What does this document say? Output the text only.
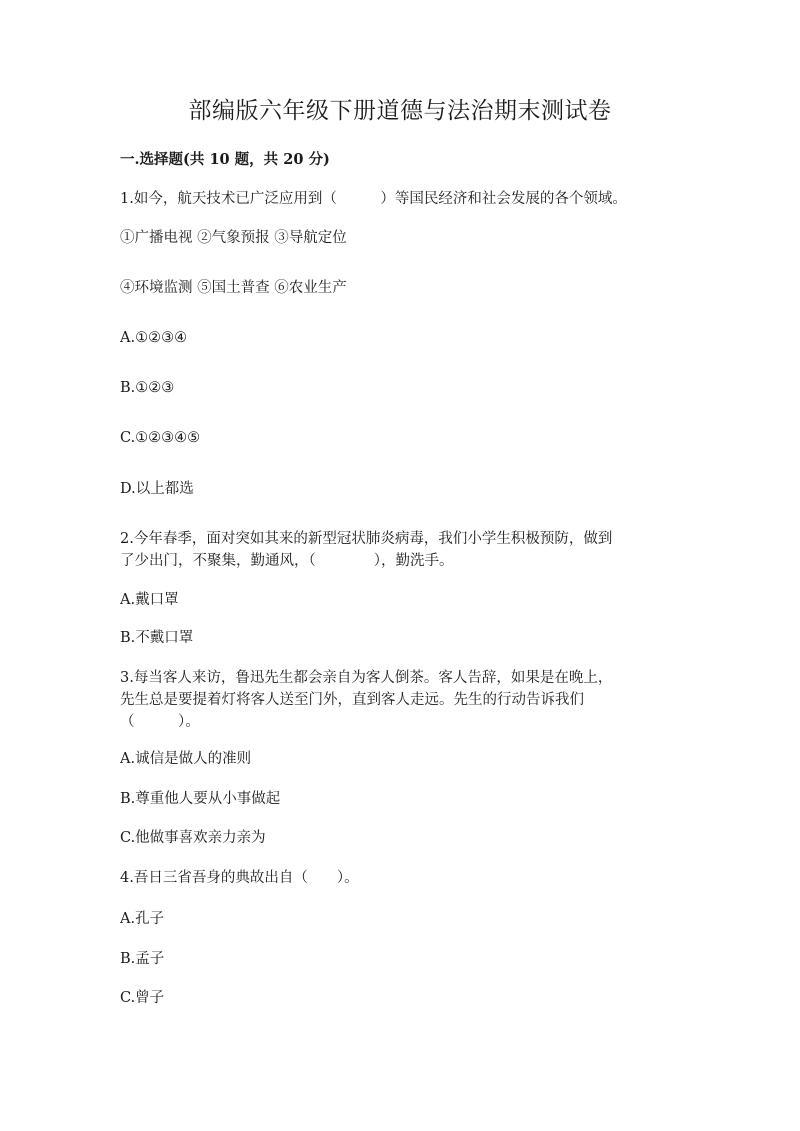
部编版六年级下册道德与法治期末测试卷
一.选择题(共 10 题，共 20 分)

1.如今，航天技术已广泛应用到（　　　）等国民经济和社会发展的各个领域。

①广播电视 ②气象预报 ③导航定位

④环境监测 ⑤国土普查 ⑥农业生产

A.①②③④

B.①②③

C.①②③④⑤

D.以上都选

2.今年春季，面对突如其来的新型冠状肺炎病毒，我们小学生积极预防，做到

了少出门，不聚集，勤通风，（　　　　），勤洗手。

A.戴口罩

B.不戴口罩

3.每当客人来访，鲁迅先生都会亲自为客人倒茶。客人告辞，如果是在晚上，

先生总是要提着灯将客人送至门外，直到客人走远。先生的行动告诉我们

（　　　）。

A.诚信是做人的准则

B.尊重他人要从小事做起

C.他做事喜欢亲力亲为

4.吾日三省吾身的典故出自（　　）。

A.孔子

B.孟子

C.曾子
